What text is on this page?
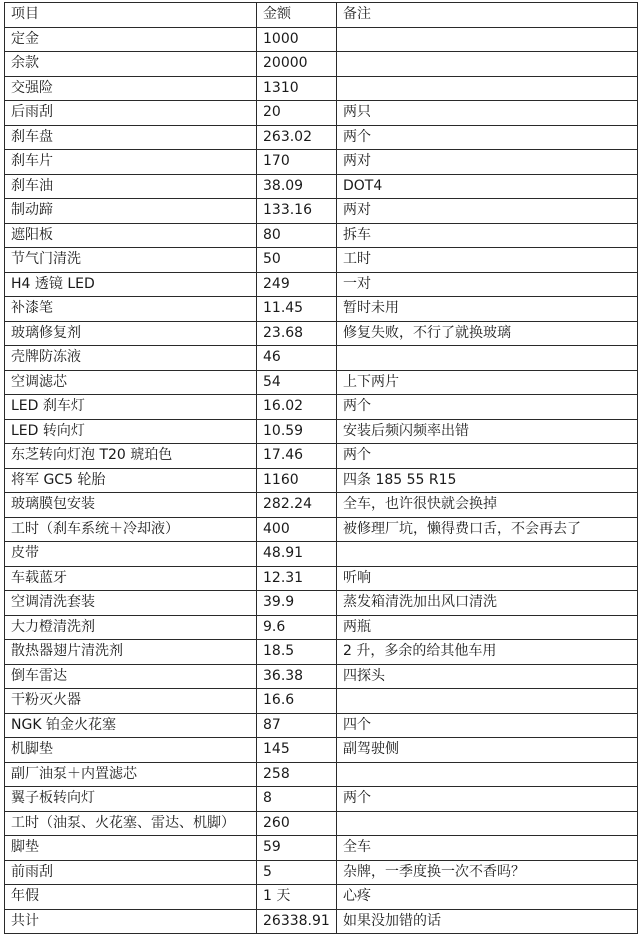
项目	金额	备注
定金	1000	
余款	20000	
交强险	1310	
后雨刮	20	两只
刹车盘	263.02	两个
刹车片	170	两对
刹车油	38.09	DOT4
制动蹄	133.16	两对
遮阳板	80	拆车
节气门清洗	50	工时
H4 透镜 LED	249	一对
补漆笔	11.45	暂时未用
玻璃修复剂	23.68	修复失败，不行了就换玻璃
壳牌防冻液	46	
空调滤芯	54	上下两片
LED 刹车灯	16.02	两个
LED 转向灯	10.59	安装后频闪频率出错
东芝转向灯泡 T20 琥珀色	17.46	两个
将军 GC5 轮胎	1160	四条 185 55 R15
玻璃膜包安装	282.24	全车，也许很快就会换掉
工时（刹车系统＋冷却液）	400	被修理厂坑，懒得费口舌，不会再去了
皮带	48.91	
车载蓝牙	12.31	听响
空调清洗套装	39.9	蒸发箱清洗加出风口清洗
大力橙清洗剂	9.6	两瓶
散热器翅片清洗剂	18.5	2 升，多余的给其他车用
倒车雷达	36.38	四探头
干粉灭火器	16.6	
NGK 铂金火花塞	87	四个
机脚垫	145	副驾驶侧
副厂油泵＋内置滤芯	258	
翼子板转向灯	8	两个
工时（油泵、火花塞、雷达、机脚）	260	
脚垫	59	全车
前雨刮	5	杂牌，一季度换一次不香吗？
年假	1 天	心疼
共计	26338.91	如果没加错的话
